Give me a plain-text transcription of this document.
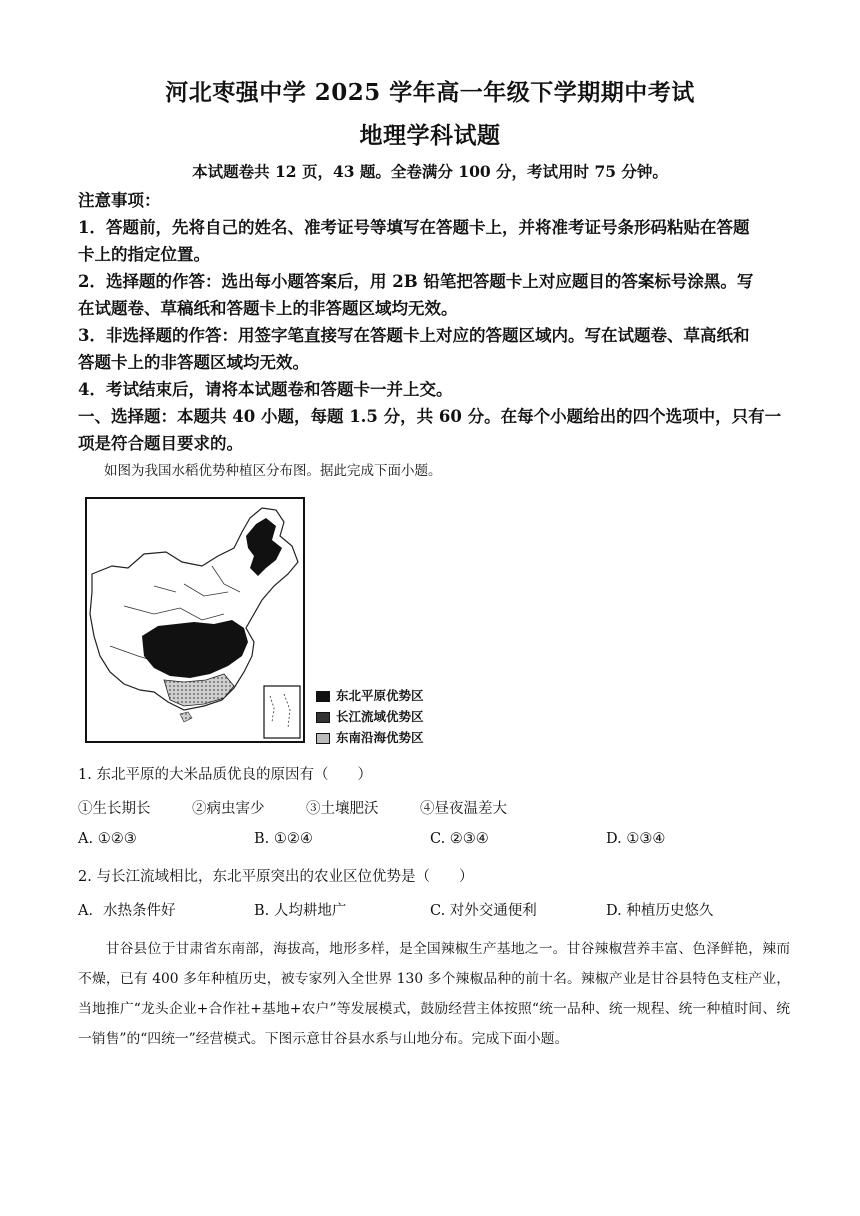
河北枣强中学 2025 学年高一年级下学期期中考试
地理学科试题
本试题卷共 12 页，43 题。全卷满分 100 分，考试用时 75 分钟。
注意事项：
1．答题前，先将自己的姓名、准考证号等填写在答题卡上，并将准考证号条形码粘贴在答题
卡上的指定位置。
2．选择题的作答：选出每小题答案后，用 2B 铅笔把答题卡上对应题目的答案标号涂黑。写
在试题卷、草稿纸和答题卡上的非答题区域均无效。
3．非选择题的作答：用签字笔直接写在答题卡上对应的答题区域内。写在试题卷、草高纸和
答题卡上的非答题区域均无效。
4．考试结束后，请将本试题卷和答题卡一并上交。
一、选择题：本题共 40 小题，每题 1.5 分，共 60 分。在每个小题给出的四个选项中，只有一
项是符合题目要求的。
如图为我国水稻优势种植区分布图。据此完成下面小题。
东北平原优势区
长江流域优势区
东南沿海优势区
1. 东北平原的大米品质优良的原因有（　　）
①生长期长	②病虫害少	③土壤肥沃	④昼夜温差大
A. ①②③	B. ①②④	C. ②③④	D. ①③④
2. 与长江流域相比，东北平原突出的农业区位优势是（　　）
A．水热条件好	B. 人均耕地广	C. 对外交通便利	D. 种植历史悠久

甘谷县位于甘肃省东南部，海拔高，地形多样，是全国辣椒生产基地之一。甘谷辣椒营养丰富、色泽鲜艳，辣而不燥，已有 400 多年种植历史，被专家列入全世界 130 多个辣椒品种的前十名。辣椒产业是甘谷县特色支柱产业，当地推广“龙头企业+合作社+基地+农户”等发展模式，鼓励经营主体按照“统一品种、统一规程、统一种植时间、统一销售”的“四统一”经营模式。下图示意甘谷县水系与山地分布。完成下面小题。
